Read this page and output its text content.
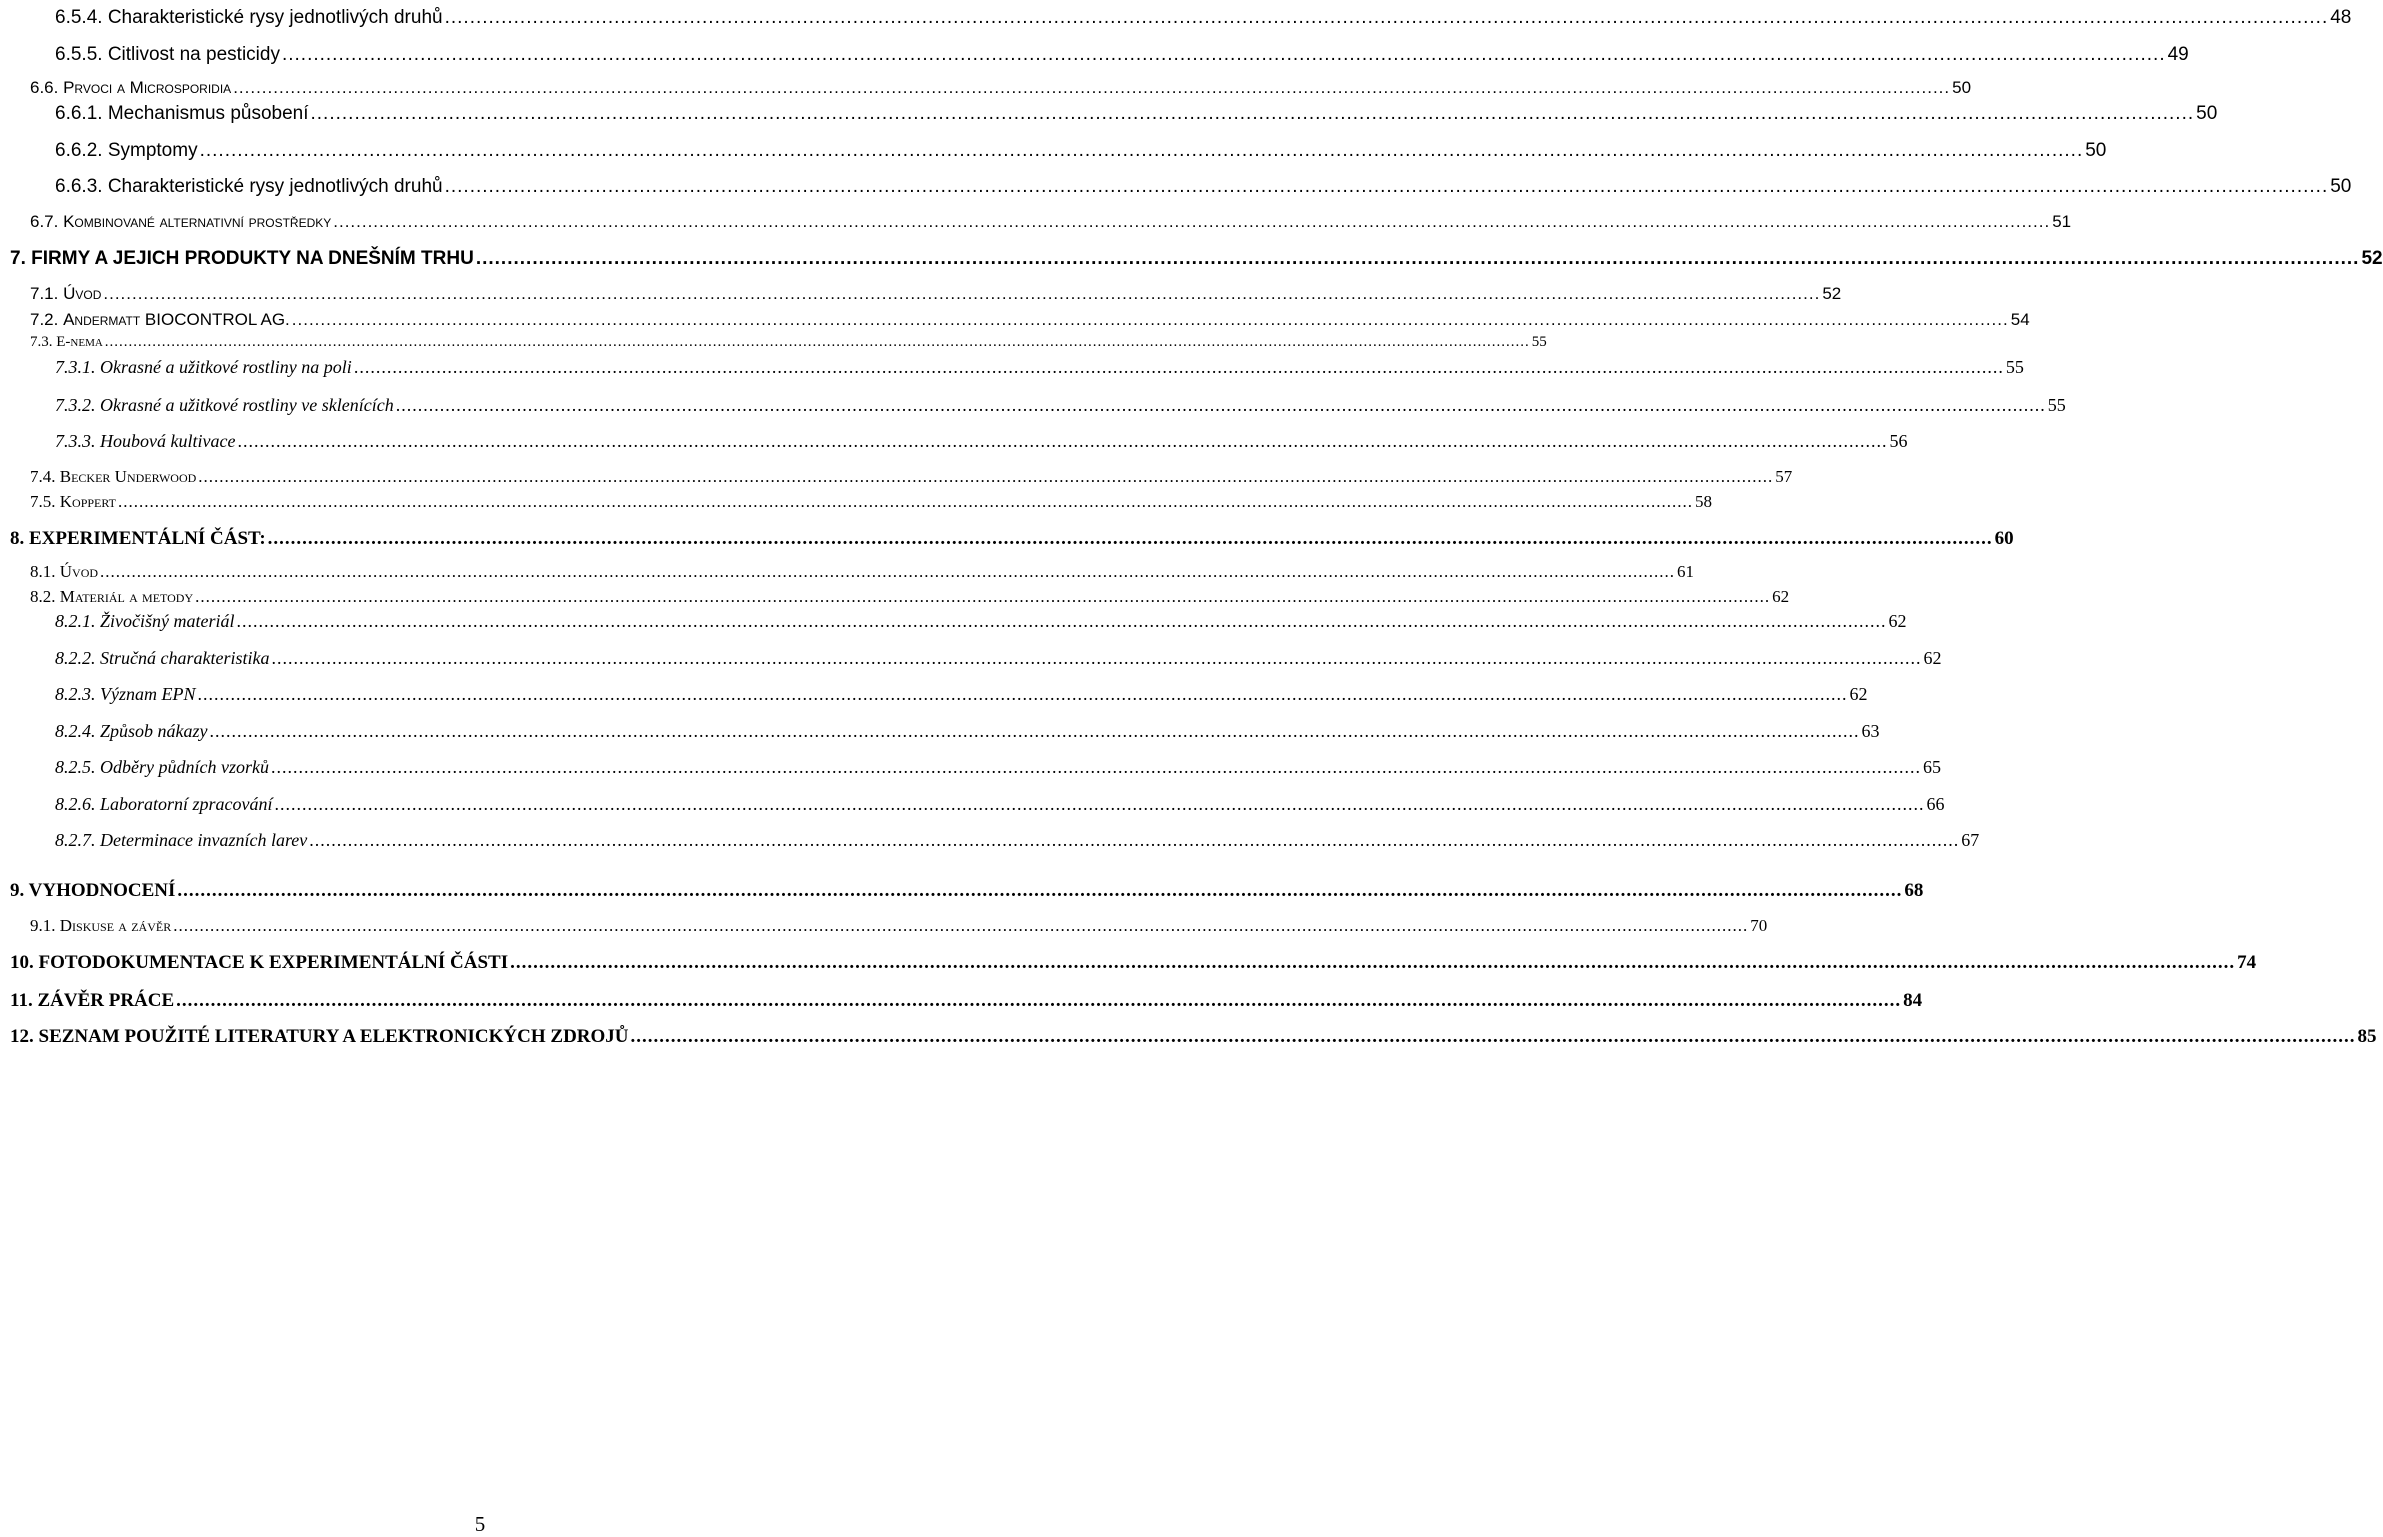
6.5.4. Charakteristické rysy jednotlivých druhů ............................................................................................................................................................................................................................................................................................................ 48
6.5.5. Citlivost na pesticidy ............................................................................................................................................................................................................................................................................................................ 49
6.6. Prvoci a Microsporidia ............................................................................................................................................................................................................................................................................................................ 50
6.6.1. Mechanismus působení ............................................................................................................................................................................................................................................................................................................ 50
6.6.2. Symptomy ............................................................................................................................................................................................................................................................................................................ 50
6.6.3. Charakteristické rysy jednotlivých druhů ............................................................................................................................................................................................................................................................................................................ 50
6.7. Kombinované alternativní prostředky ............................................................................................................................................................................................................................................................................................................ 51
7. FIRMY A JEJICH PRODUKTY NA DNEŠNÍM TRHU ............................................................................................................................................................................................................................................................................................................ 52
7.1. Úvod ............................................................................................................................................................................................................................................................................................................ 52
7.2. Andermatt BIOCONTROL AG. ............................................................................................................................................................................................................................................................................................................ 54
7.3. E-nema ............................................................................................................................................................................................................................................................................................................ 55
7.3.1. Okrasné a užitkové rostliny na poli ............................................................................................................................................................................................................................................................................................................ 55
7.3.2. Okrasné a užitkové rostliny ve sklenících ............................................................................................................................................................................................................................................................................................................ 55
7.3.3. Houbová kultivace ............................................................................................................................................................................................................................................................................................................ 56
7.4. Becker Underwood ............................................................................................................................................................................................................................................................................................................ 57
7.5. Koppert ............................................................................................................................................................................................................................................................................................................ 58
8. EXPERIMENTÁLNÍ ČÁST: ............................................................................................................................................................................................................................................................................................................ 60
8.1. Úvod ............................................................................................................................................................................................................................................................................................................ 61
8.2. Materiál a metody ............................................................................................................................................................................................................................................................................................................ 62
8.2.1. Živočišný materiál ............................................................................................................................................................................................................................................................................................................ 62
8.2.2. Stručná charakteristika ............................................................................................................................................................................................................................................................................................................ 62
8.2.3. Význam EPN ............................................................................................................................................................................................................................................................................................................ 62
8.2.4. Způsob nákazy ............................................................................................................................................................................................................................................................................................................ 63
8.2.5. Odběry půdních vzorků ............................................................................................................................................................................................................................................................................................................ 65
8.2.6. Laboratorní zpracování ............................................................................................................................................................................................................................................................................................................ 66
8.2.7. Determinace invazních larev ............................................................................................................................................................................................................................................................................................................ 67
9. VYHODNOCENÍ ............................................................................................................................................................................................................................................................................................................ 68
9.1. Diskuse a závěr ............................................................................................................................................................................................................................................................................................................ 70
10. FOTODOKUMENTACE K EXPERIMENTÁLNÍ ČÁSTI ............................................................................................................................................................................................................................................................................................................ 74
11. ZÁVĚR PRÁCE ............................................................................................................................................................................................................................................................................................................ 84
12. SEZNAM POUŽITÉ LITERATURY A ELEKTRONICKÝCH ZDROJŮ ............................................................................................................................................................................................................................................................................................................ 85
5
